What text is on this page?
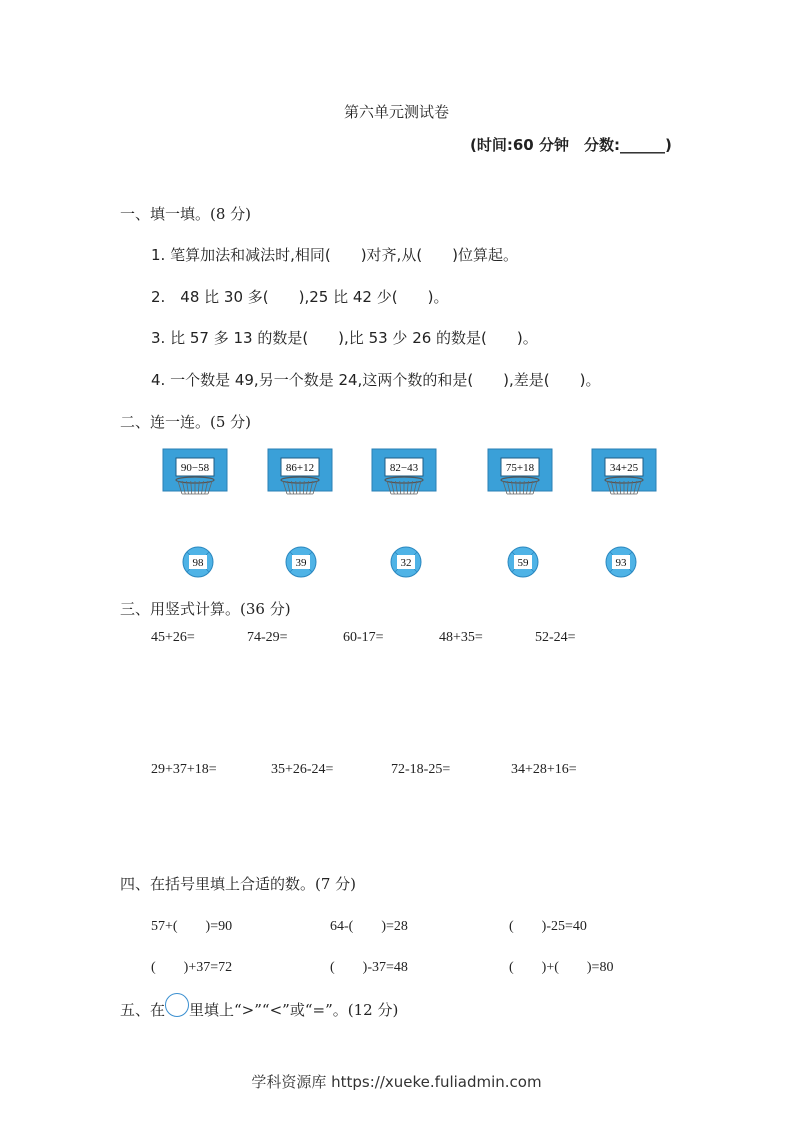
第六单元测试卷
(时间:60 分钟　分数:______)
一、填一填。(8 分)
1. 笔算加法和减法时,相同(　　)对齐,从(　　)位算起。
2.　48 比 30 多(　　),25 比 42 少(　　)。
3. 比 57 多 13 的数是(　　),比 53 少 26 的数是(　　)。
4. 一个数是 49,另一个数是 24,这两个数的和是(　　),差是(　　)。
二、连一连。(5 分)
90−58	86+12	82−43	75+18	34+25
98	39	32	59	93
三、用竖式计算。(36 分)
45+26=	74-29=	60-17=	48+35=	52-24=
29+37+18=	35+26-24=	72-18-25=	34+28+16=
四、在括号里填上合适的数。(7 分)
57+(　　)=90	64-(　　)=28	(　　)-25=40
(　　)+37=72	(　　)-37=48	(　　)+(　　)=80
五、在 里填上“>”“<”或“=”。(12 分)
学科资源库 https://xueke.fuliadmin.com
